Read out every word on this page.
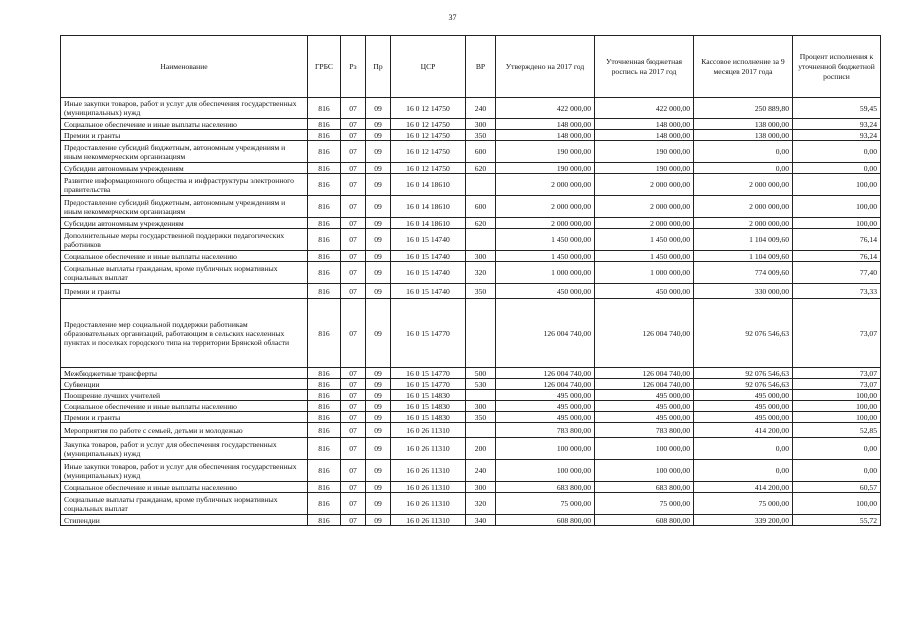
37
Наименование	ГРБС	Рз	Пр	ЦСР	ВР	Утверждено на 2017 год	Уточненная бюджетная роспись на 2017 год	Кассовое исполнение за 9 месяцев 2017 года	Процент исполнения к уточненной бюджетной росписи
Иные закупки товаров, работ и услуг для обеспечения государственных (муниципальных) нужд	816	07	09	16 0 12 14750	240	422 000,00	422 000,00	250 889,80	59,45
Социальное обеспечение и иные выплаты населению	816	07	09	16 0 12 14750	300	148 000,00	148 000,00	138 000,00	93,24
Премии и гранты	816	07	09	16 0 12 14750	350	148 000,00	148 000,00	138 000,00	93,24
Предоставление субсидий бюджетным, автономным учреждениям и иным некоммерческим организациям	816	07	09	16 0 12 14750	600	190 000,00	190 000,00	0,00	0,00
Субсидии автономным учреждениям	816	07	09	16 0 12 14750	620	190 000,00	190 000,00	0,00	0,00
Развитие информационного общества и инфраструктуры электронного правительства	816	07	09	16 0 14 18610		2 000 000,00	2 000 000,00	2 000 000,00	100,00
Предоставление субсидий бюджетным, автономным учреждениям и иным некоммерческим организациям	816	07	09	16 0 14 18610	600	2 000 000,00	2 000 000,00	2 000 000,00	100,00
Субсидии автономным учреждениям	816	07	09	16 0 14 18610	620	2 000 000,00	2 000 000,00	2 000 000,00	100,00
Дополнительные меры государственной поддержки педагогических работников	816	07	09	16 0 15 14740		1 450 000,00	1 450 000,00	1 104 009,60	76,14
Социальное обеспечение и иные выплаты населению	816	07	09	16 0 15 14740	300	1 450 000,00	1 450 000,00	1 104 009,60	76,14
Социальные выплаты гражданам, кроме публичных нормативных социальных выплат	816	07	09	16 0 15 14740	320	1 000 000,00	1 000 000,00	774 009,60	77,40
Премии и гранты	816	07	09	16 0 15 14740	350	450 000,00	450 000,00	330 000,00	73,33
Предоставление мер социальной поддержки работникам образовательных организаций, работающим в сельских населенных пунктах и поселках городского типа на территории Брянской области	816	07	09	16 0 15 14770		126 004 740,00	126 004 740,00	92 076 546,63	73,07
Межбюджетные трансферты	816	07	09	16 0 15 14770	500	126 004 740,00	126 004 740,00	92 076 546,63	73,07
Субвенции	816	07	09	16 0 15 14770	530	126 004 740,00	126 004 740,00	92 076 546,63	73,07
Поощрение лучших учителей	816	07	09	16 0 15 14830		495 000,00	495 000,00	495 000,00	100,00
Социальное обеспечение и иные выплаты населению	816	07	09	16 0 15 14830	300	495 000,00	495 000,00	495 000,00	100,00
Премии и гранты	816	07	09	16 0 15 14830	350	495 000,00	495 000,00	495 000,00	100,00
Мероприятия по работе с семьей, детьми и молодежью	816	07	09	16 0 26 11310		783 800,00	783 800,00	414 200,00	52,85
Закупка товаров, работ и услуг для обеспечения государственных (муниципальных) нужд	816	07	09	16 0 26 11310	200	100 000,00	100 000,00	0,00	0,00
Иные закупки товаров, работ и услуг для обеспечения государственных (муниципальных) нужд	816	07	09	16 0 26 11310	240	100 000,00	100 000,00	0,00	0,00
Социальное обеспечение и иные выплаты населению	816	07	09	16 0 26 11310	300	683 800,00	683 800,00	414 200,00	60,57
Социальные выплаты гражданам, кроме публичных нормативных социальных выплат	816	07	09	16 0 26 11310	320	75 000,00	75 000,00	75 000,00	100,00
Стипендии	816	07	09	16 0 26 11310	340	608 800,00	608 800,00	339 200,00	55,72
